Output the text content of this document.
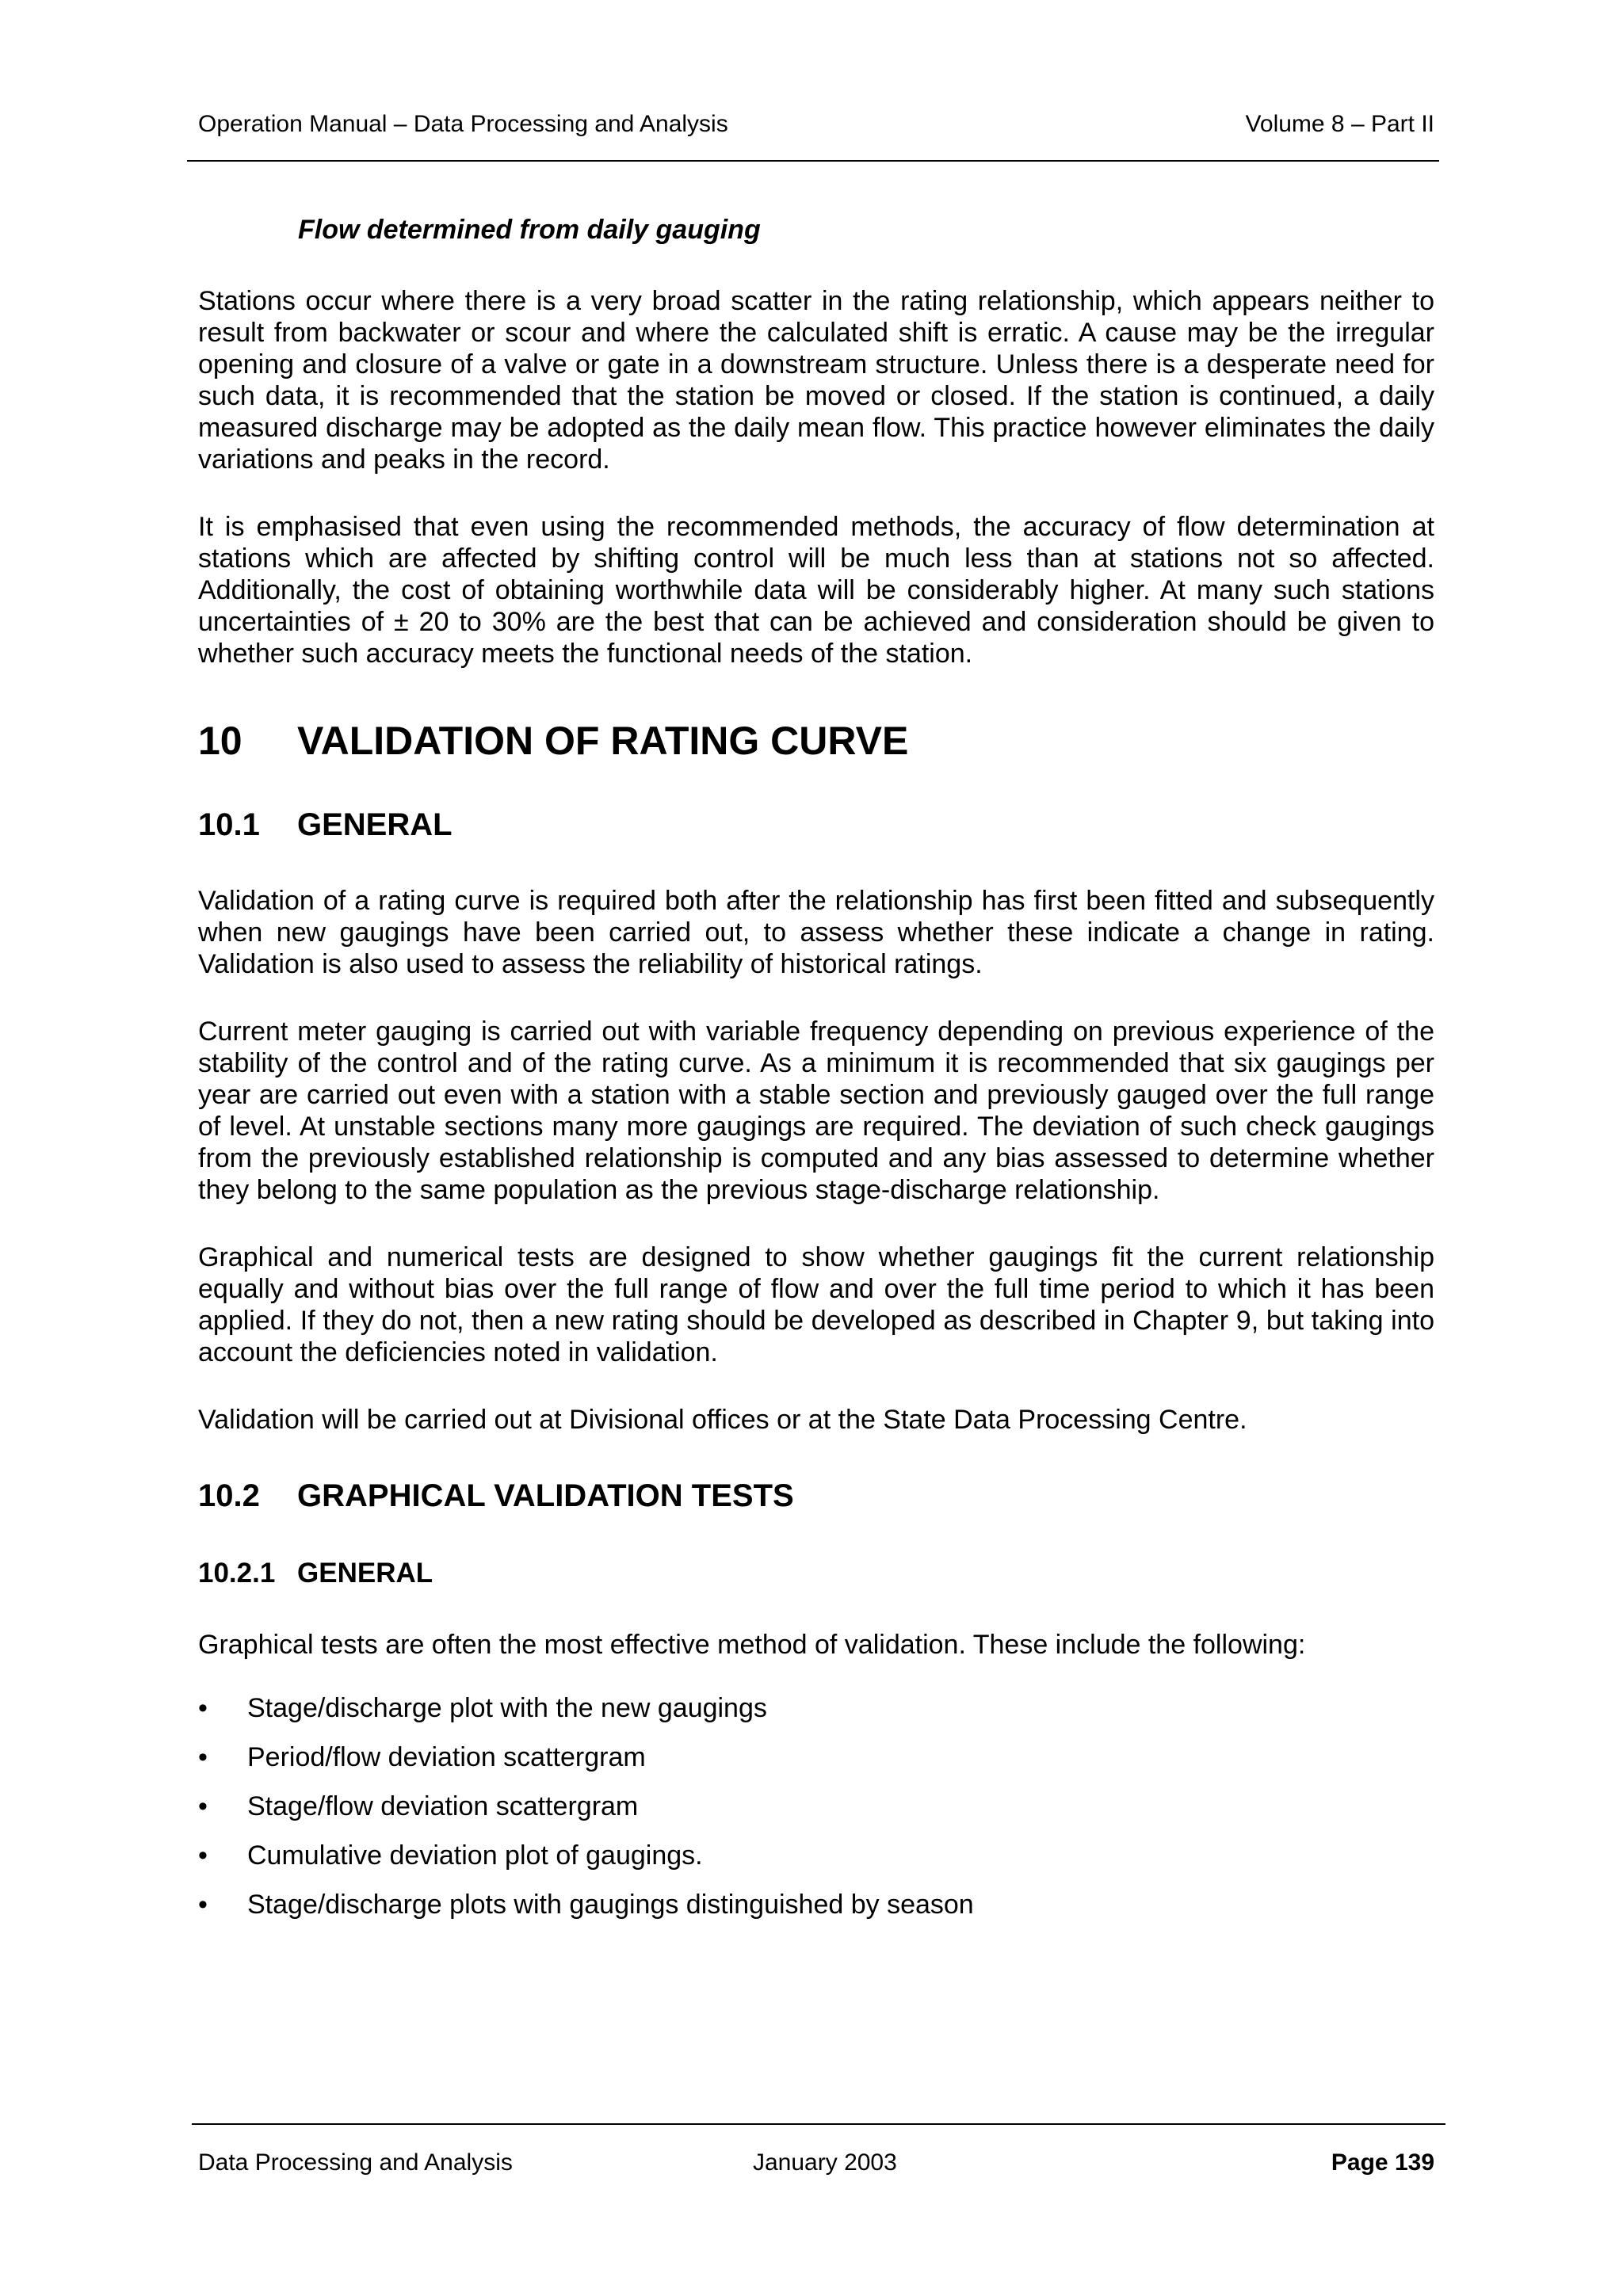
Operation Manual – Data Processing and Analysis	Volume 8 – Part II
Flow determined from daily gauging

Stations occur where there is a very broad scatter in the rating relationship, which appears neither to result from backwater or scour and where the calculated shift is erratic. A cause may be the irregular opening and closure of a valve or gate in a downstream structure. Unless there is a desperate need for such data, it is recommended that the station be moved or closed. If the station is continued, a daily measured discharge may be adopted as the daily mean flow. This practice however eliminates the daily variations and peaks in the record.

It is emphasised that even using the recommended methods, the accuracy of flow determination at stations which are affected by shifting control will be much less than at stations not so affected. Additionally, the cost of obtaining worthwhile data will be considerably higher. At many such stations uncertainties of ± 20 to 30% are the best that can be achieved and consideration should be given to whether such accuracy meets the functional needs of the station.

10 VALIDATION OF RATING CURVE
10.1 GENERAL

Validation of a rating curve is required both after the relationship has first been fitted and subsequently when new gaugings have been carried out, to assess whether these indicate a change in rating. Validation is also used to assess the reliability of historical ratings.

Current meter gauging is carried out with variable frequency depending on previous experience of the stability of the control and of the rating curve. As a minimum it is recommended that six gaugings per year are carried out even with a station with a stable section and previously gauged over the full range of level. At unstable sections many more gaugings are required. The deviation of such check gaugings from the previously established relationship is computed and any bias assessed to determine whether they belong to the same population as the previous stage-discharge relationship.

Graphical and numerical tests are designed to show whether gaugings fit the current relationship equally and without bias over the full range of flow and over the full time period to which it has been applied. If they do not, then a new rating should be developed as described in Chapter 9, but taking into account the deficiencies noted in validation.

Validation will be carried out at Divisional offices or at the State Data Processing Centre.

10.2 GRAPHICAL VALIDATION TESTS
10.2.1 GENERAL

Graphical tests are often the most effective method of validation. These include the following:

•	Stage/discharge plot with the new gaugings
•	Period/flow deviation scattergram
•	Stage/flow deviation scattergram
•	Cumulative deviation plot of gaugings.
•	Stage/discharge plots with gaugings distinguished by season
Data Processing and Analysis	January 2003	Page 139
